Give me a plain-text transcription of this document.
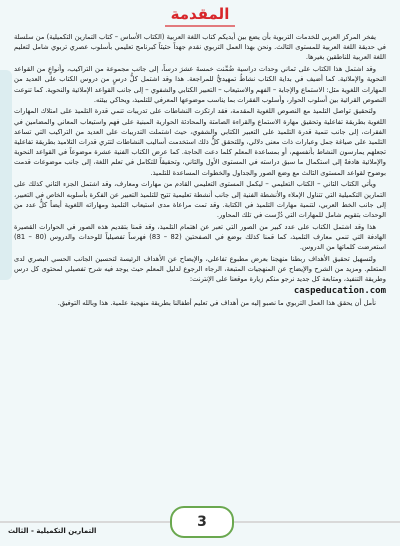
المقدمة

يفخر المركز العربي للخدمات التربوية بأن يضع بين أيديكم كتاب اللغة العربية (الكتاب الأساس – كتاب التمارين التكميلية) من سلسلة في حديقة اللغة العربية للمستوى الثالث. ونحن بهذا العمل التربوي نقدم جهداً حثيثاً كبرنامج تعليمي بأسلوب عصري تربوي شامل لتعليم اللغة العربية للناطقين بغيرها.

وقد اشتمل هذا الكتاب على ثماني وحدات دراسية ضُمِّنت خمسةَ عشرَ درساً، إلى جانب مجموعة من التراكيب، وأنواعٍ من القواعد النحوية والإملائية. كما أضيف في بداية الكتاب نشاطٌ تمهيديٌّ للمراجعة. هذا وقد اشتمل كلُّ درسٍ من دروس الكتاب على العديد من المهارات اللغوية مثل: الاستماع والإجابة – الفهم والاستيعاب – التعبير الكتابي والشفوي – إلى جانب القواعد الإملائية والنحوية. كما تنوعت النصوص القرائية بين أسلوب الحوار، وأسلوب الفقرات بما يناسب موضوعها المعرفي للتلميذ، ويحاكي بيئته.

ولتحقيق تواصل التلميذ مع النصوص اللغوية المقدمة، فقد ارتكزت النشاطات على تدريبات تنمي قدرة التلميذ على امتلاك المهارات اللغوية بطريقة تفاعلية وتحقيق مهارة الاستماع والقراءة الصامتة والمحادثة الحوارية المبنية على فهم واستيعاب المعاني والمضامين في الفقرات، إلى جانب تنمية قدرة التلميذ على التعبير الكتابي والشفوي، حيث اشتملت التدريبات على العديد من التراكيب التي تساعد التلميذ على صياغة جمل وعبارات ذات معنى دلالي، وللتحقق كلُّ ذلك استخدمت أساليب النشاطات لتثري قدرات التلاميذ بطريقة تفاعلية تجعلهم يمارسون النشاط بأنفسهم، أو بمساعدة المعلم كلما دعت الحاجة. كما عرض الكتاب الفنية عشرة موضوعاً في القواعد النحوية والإملائية هادفةً إلى استكمال ما سبق دراسته في المستوى الأول والثاني، وتحقيقاً للتكامل في تعلم اللغة، إلى جانب موضوعات قدمت بوضوح لقواعد المستوى الثالث مع وضع الصور والجداول والخطوات المساعدة للتلميذ.

ويأتي الكتاب الثاني – الكتاب التعليمي – ليكمل المستوى التعليمي القادم من مهارات ومعارف، وقد اشتمل الجزء الثاني كذلك على التمارين التكميلية التي تتناول الإملاء والأنشطة الفنية إلى جانب أنشطة تعليمية تتيح للتلميذ التعبير عن الفكرة بأسلوبه الخاص في التعبير، إلى جانب الخط العربي، لتنمية مهارات التلميذ في الكتابة. وقد تمت مراعاة مدى استيعاب التلميذ ومهاراته اللغوية أيضاً كلٌّ عدد من الوحدات بتقويم شامل للمهارات التي دُرِّست في تلك المحاور.

هذا وقد اشتمل الكتاب على عدد كبير من الصور التي تعبر عن اهتمام التلميذ، وقد قمنا بتقديم هذه الصور في الحوارات القصيرة الهادفة التي تنمي معارف التلميذ، كما قمنا كذلك بوضع في الصفحتين (82 – 83) فهرساً تفصيلياً للوحدات والدروس (80 – 81) استعرضت كلماتها من الدروس.

ولتسهيل تحقيق الأهداف ربطنا منهجنا بعرض مطبوع تفاعلي، والإيضاح عن الأهداف الرئيسة لتحسين الجانب الحسي البصري لدى المتعلم. ومزيد من الشرح والإيضاح عن المنهجيات المتبعة، الرجاء الرجوع لدليل المعلم حيث يوجد فيه شرح تفصيلي لمحتوى كل درس وطريقة التنفيذ، ومتابعة كل جديد نرجو منكم زيارة موقعنا على الإنترنت:

caspeducation.com

نأمل أن يحقق هذا العمل التربوي ما نصبو إليه من أهداف في تعليم أطفالنا بطريقة منهجية علمية. هذا وبالله التوفيق.

3
التمارين التكميلية - الثالث
